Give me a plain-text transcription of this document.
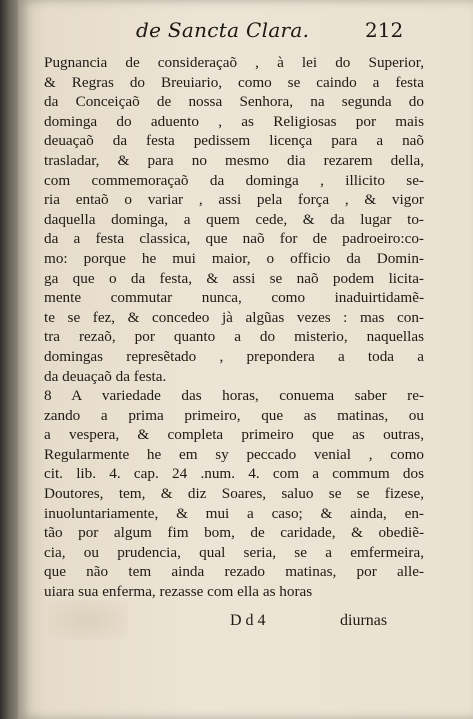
de Sancta Clara.	212
Pugnancia de consideraçaõ , à lei do Superior,
& Regras do Breuiario, como se caindo a festa
da Conceiçaõ de nossa Senhora, na segunda do
dominga do aduento , as Religiosas por mais
deuaçaõ da festa pedissem licença para a naõ
trasladar, & para no mesmo dia rezarem della,
com commemoraçaõ da dominga , illicito se-
ria entaõ o variar , assi pela força , & vigor
daquella dominga, a quem cede, & da lugar to-
da a festa classica, que naõ for de padroeiro:co-
mo: porque he mui maior, o officio da Domin-
ga que o da festa, & assi se naõ podem licita-
mente commutar nunca, como inaduirtidamẽ-
te se fez, & concedeo jà algũas vezes : mas con-
tra rezaõ, por quanto a do misterio, naquellas
domingas represẽtado , prepondera a toda a
da deuaçaõ da festa.
8 A variedade das horas, conuema saber re-
zando a prima primeiro, que as matinas, ou
a vespera, & completa primeiro que as outras,
Regularmente he em sy peccado venial , como
cit. lib. 4. cap. 24 .num. 4. com a commum dos
Doutores, tem, & diz Soares, saluo se se fizese,
inuoluntariamente, & mui a caso; & ainda, en-
tão por algum fim bom, de caridade, & obediẽ-
cia, ou prudencia, qual seria, se a emfermeira,
que não tem ainda rezado matinas, por alle-
uiara sua enferma, rezasse com ella as horas
D d 4	diurnas
